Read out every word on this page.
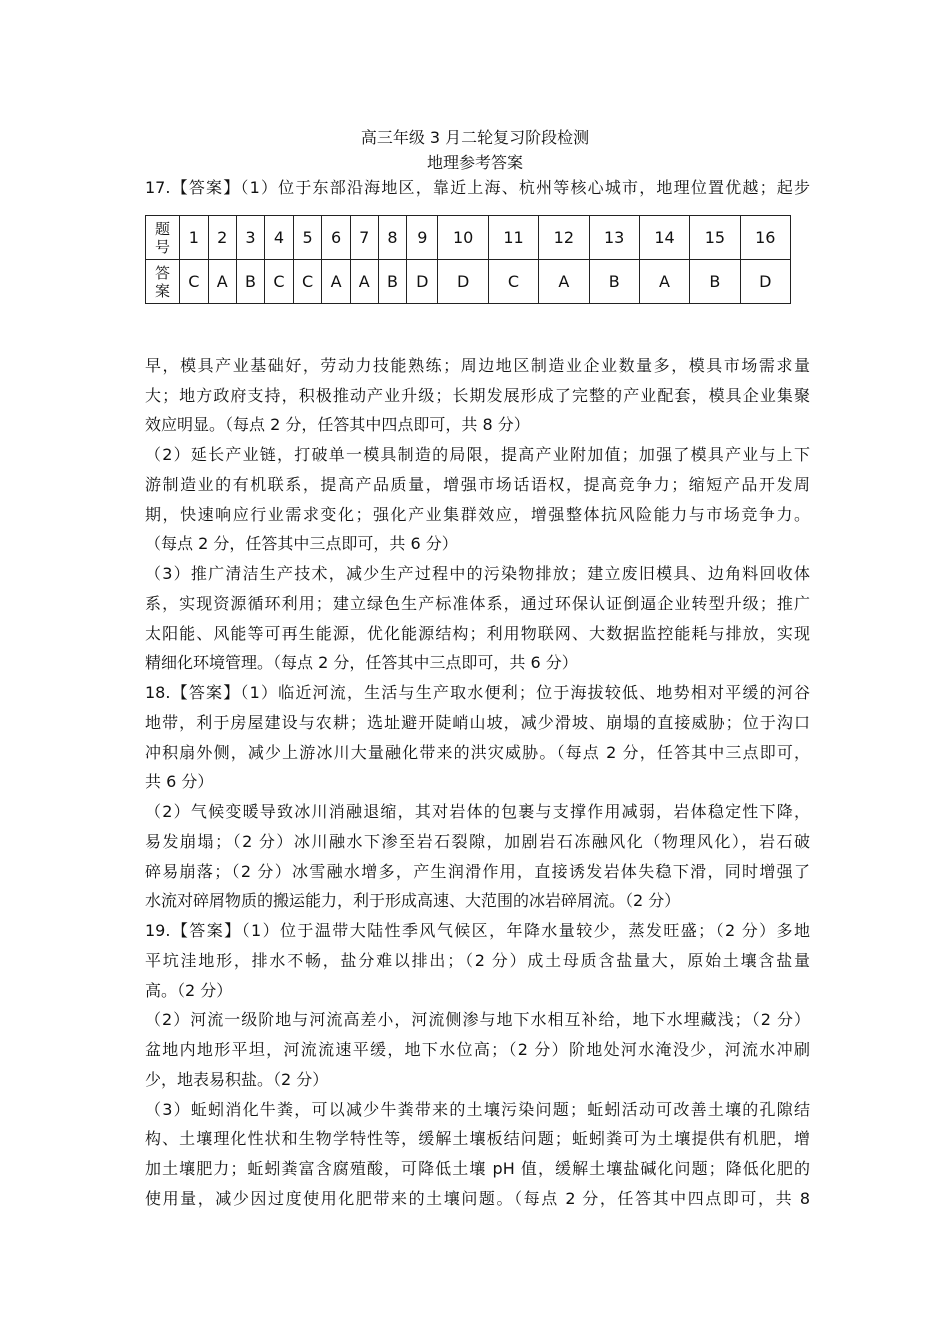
高三年级 3 月二轮复习阶段检测
地理参考答案
17.【答案】（1）位于东部沿海地区，靠近上海、杭州等核心城市，地理位置优越；起步
题
号	1	2	3	4	5	6	7	8	9	10	11	12	13	14	15	16

答
案	C	A	B	C	C	A	A	B	D	D	C	A	B	A	B	D
早，模具产业基础好，劳动力技能熟练；周边地区制造业企业数量多，模具市场需求量
大；地方政府支持，积极推动产业升级；长期发展形成了完整的产业配套，模具企业集聚
效应明显。（每点 2 分，任答其中四点即可，共 8 分）
（2）延长产业链，打破单一模具制造的局限，提高产业附加值；加强了模具产业与上下
游制造业的有机联系，提高产品质量，增强市场话语权，提高竞争力；缩短产品开发周
期，快速响应行业需求变化；强化产业集群效应，增强整体抗风险能力与市场竞争力。
（每点 2 分，任答其中三点即可，共 6 分）
（3）推广清洁生产技术，减少生产过程中的污染物排放；建立废旧模具、边角料回收体
系，实现资源循环利用；建立绿色生产标准体系，通过环保认证倒逼企业转型升级；推广
太阳能、风能等可再生能源，优化能源结构；利用物联网、大数据监控能耗与排放，实现
精细化环境管理。（每点 2 分，任答其中三点即可，共 6 分）
18.【答案】（1）临近河流，生活与生产取水便利；位于海拔较低、地势相对平缓的河谷
地带，利于房屋建设与农耕；选址避开陡峭山坡，减少滑坡、崩塌的直接威胁；位于沟口
冲积扇外侧，减少上游冰川大量融化带来的洪灾威胁。（每点 2 分，任答其中三点即可，
共 6 分）
（2）气候变暖导致冰川消融退缩，其对岩体的包裹与支撑作用减弱，岩体稳定性下降，
易发崩塌；（2 分）冰川融水下渗至岩石裂隙，加剧岩石冻融风化（物理风化），岩石破
碎易崩落；（2 分）冰雪融水增多，产生润滑作用，直接诱发岩体失稳下滑，同时增强了
水流对碎屑物质的搬运能力，利于形成高速、大范围的冰岩碎屑流。（2 分）
19.【答案】（1）位于温带大陆性季风气候区，年降水量较少，蒸发旺盛；（2 分）多地
平坑洼地形，排水不畅，盐分难以排出；（2 分）成土母质含盐量大，原始土壤含盐量
高。（2 分）
（2）河流一级阶地与河流高差小，河流侧渗与地下水相互补给，地下水埋藏浅；（2 分）
盆地内地形平坦，河流流速平缓，地下水位高；（2 分）阶地处河水淹没少，河流水冲刷
少，地表易积盐。（2 分）
（3）蚯蚓消化牛粪，可以减少牛粪带来的土壤污染问题；蚯蚓活动可改善土壤的孔隙结
构、土壤理化性状和生物学特性等，缓解土壤板结问题；蚯蚓粪可为土壤提供有机肥，增
加土壤肥力；蚯蚓粪富含腐殖酸，可降低土壤 pH 值，缓解土壤盐碱化问题；降低化肥的
使用量，减少因过度使用化肥带来的土壤问题。（每点 2 分，任答其中四点即可，共 8
